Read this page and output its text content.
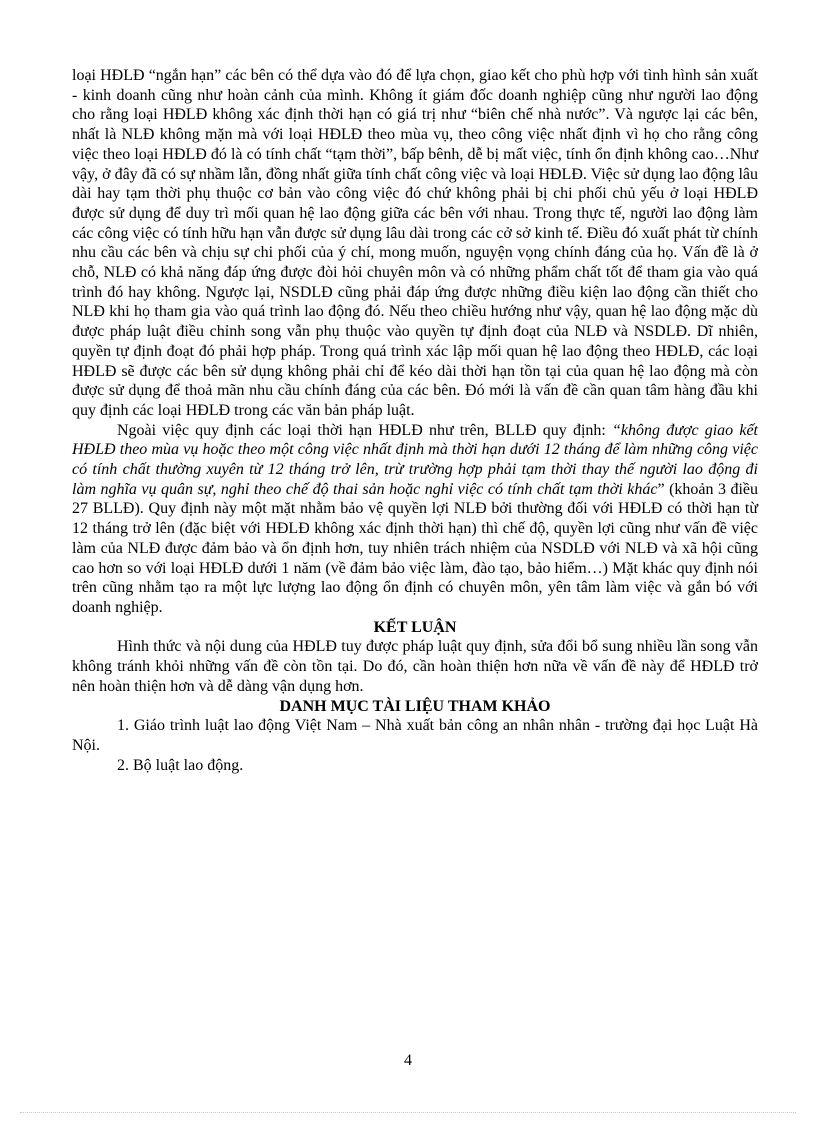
loại HĐLĐ “ngắn hạn” các bên có thể dựa vào đó để lựa chọn, giao kết cho phù hợp với tình hình sản xuất - kinh doanh cũng như hoàn cảnh của mình. Không ít giám đốc doanh nghiệp cũng như người lao động cho rằng loại HĐLĐ không xác định thời hạn có giá trị như “biên chế nhà nước”. Và ngược lại các bên, nhất là NLĐ không mặn mà với loại HĐLĐ theo mùa vụ, theo công việc nhất định vì họ cho rằng công việc theo loại HĐLĐ đó là có tính chất “tạm thời”, bấp bênh, dễ bị mất việc, tính ổn định không cao…Như vậy, ở đây đã có sự nhầm lẫn, đồng nhất giữa tính chất công việc và loại HĐLĐ. Việc sử dụng lao động lâu dài hay tạm thời phụ thuộc cơ bản vào công việc đó chứ không phải bị chi phối chủ yếu ở loại HĐLĐ được sử dụng để duy trì mối quan hệ lao động giữa các bên với nhau. Trong thực tế, người lao động làm các công việc có tính hữu hạn vẫn được sử dụng lâu dài trong các cở sở kinh tế. Điều đó xuất phát từ chính nhu cầu các bên và chịu sự chi phối của ý chí, mong muốn, nguyện vọng chính đáng của họ. Vấn đề là ở chỗ, NLĐ có khả năng đáp ứng được đòi hỏi chuyên môn và có những phẩm chất tốt để tham gia vào quá trình đó hay không. Ngược lại, NSDLĐ cũng phải đáp ứng được những điều kiện lao động cần thiết cho NLĐ khi họ tham gia vào quá trình lao động đó. Nếu theo chiều hướng như vậy, quan hệ lao động mặc dù được pháp luật điều chỉnh song vẫn phụ thuộc vào quyền tự định đoạt của NLĐ và NSDLĐ. Dĩ nhiên, quyền tự định đoạt đó phải hợp pháp. Trong quá trình xác lập mối quan hệ lao động theo HĐLĐ, các loại HĐLĐ sẽ được các bên sử dụng không phải chỉ để kéo dài thời hạn tồn tại của quan hệ lao động mà còn được sử dụng để thoả mãn nhu cầu chính đáng của các bên. Đó mới là vấn đề cần quan tâm hàng đầu khi quy định các loại HĐLĐ trong các văn bản pháp luật.

Ngoài việc quy định các loại thời hạn HĐLĐ như trên, BLLĐ quy định: “không được giao kết HĐLĐ theo mùa vụ hoặc theo một công việc nhất định mà thời hạn dưới 12 tháng để làm những công việc có tính chất thường xuyên từ 12 tháng trở lên, trừ trường hợp phải tạm thời thay thế người lao động đi làm nghĩa vụ quân sự, nghỉ theo chế độ thai sản hoặc nghỉ việc có tính chất tạm thời khác” (khoản 3 điều 27 BLLĐ). Quy định này một mặt nhằm bảo vệ quyền lợi NLĐ bởi thường đối với HĐLĐ có thời hạn từ 12 tháng trở lên (đặc biệt với HĐLĐ không xác định thời hạn) thì chế độ, quyền lợi cũng như vấn đề việc làm của NLĐ được đảm bảo và ổn định hơn, tuy nhiên trách nhiệm của NSDLĐ với NLĐ và xã hội cũng cao hơn so với loại HĐLĐ dưới 1 năm (về đảm bảo việc làm, đào tạo, bảo hiểm…) Mặt khác quy định nói trên cũng nhằm tạo ra một lực lượng lao động ổn định có chuyên môn, yên tâm làm việc và gắn bó với doanh nghiệp.

KẾT LUẬN

Hình thức và nội dung của HĐLĐ tuy được pháp luật quy định, sửa đổi bổ sung nhiều lần song vẫn không tránh khỏi những vấn đề còn tồn tại. Do đó, cần hoàn thiện hơn nữa về vấn đề này để HĐLĐ trở nên hoàn thiện hơn và dễ dàng vận dụng hơn.

DANH MỤC TÀI LIỆU THAM KHẢO

1. Giáo trình luật lao động Việt Nam – Nhà xuất bản công an nhân nhân - trường đại học Luật Hà Nội.

2. Bộ luật lao động.

4
